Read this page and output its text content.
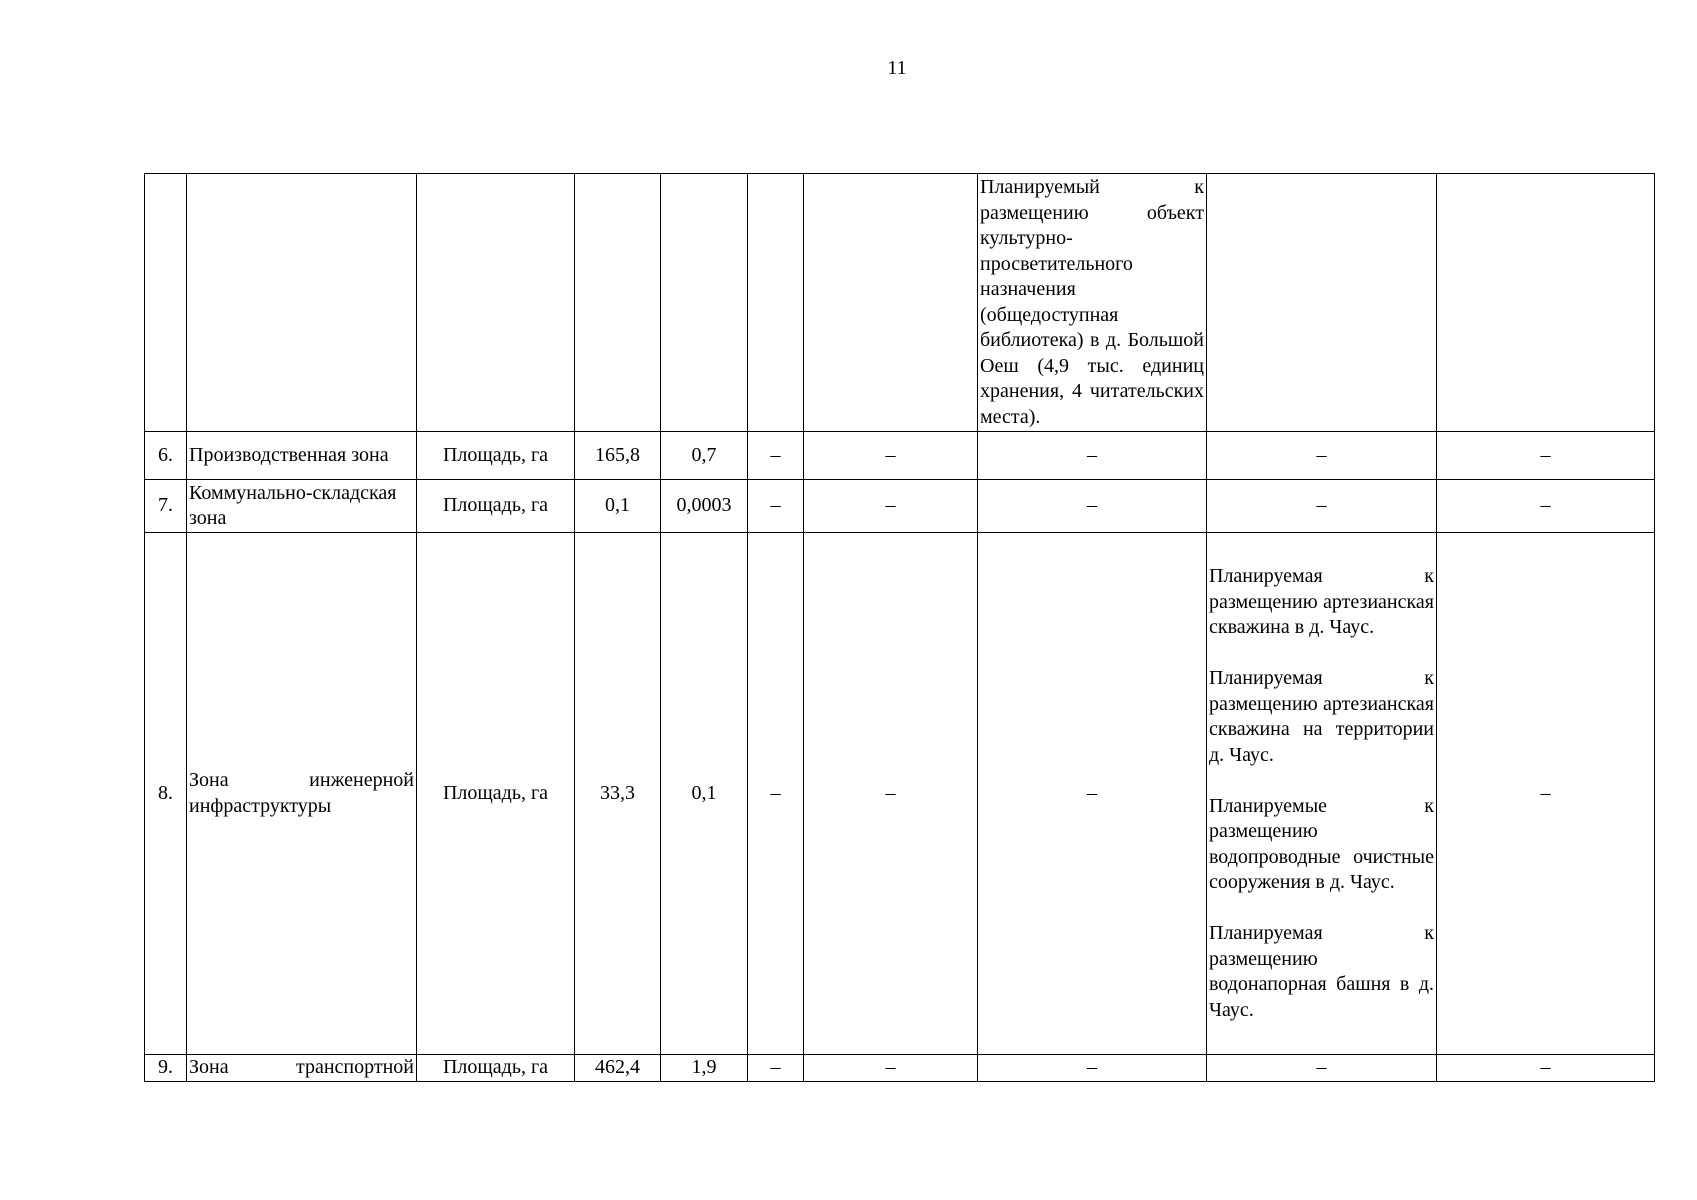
11
							Планируемый к размещению объект культурно-просветительного назначения (общедоступная библиотека) в д. Большой Оеш (4,9 тыс. единиц хранения, 4 читательских места).		
6.	Производственная зона	Площадь, га	165,8	0,7	–	–	–	–	–
7.	Коммунально-складская зона	Площадь, га	0,1	0,0003	–	–	–	–	–
8.	Зона инженерной инфраструктуры	Площадь, га	33,3	0,1	–	–	–	Планируемая к размещению артезианская скважина в д. Чаус.
Планируемая к размещению артезианская скважина на территории д. Чаус.
Планируемые к размещению водопроводные очистные сооружения в д. Чаус.
Планируемая к размещению водонапорная башня в д. Чаус.	–
9.	Зона транспортной	Площадь, га	462,4	1,9	–	–	–	–	–
